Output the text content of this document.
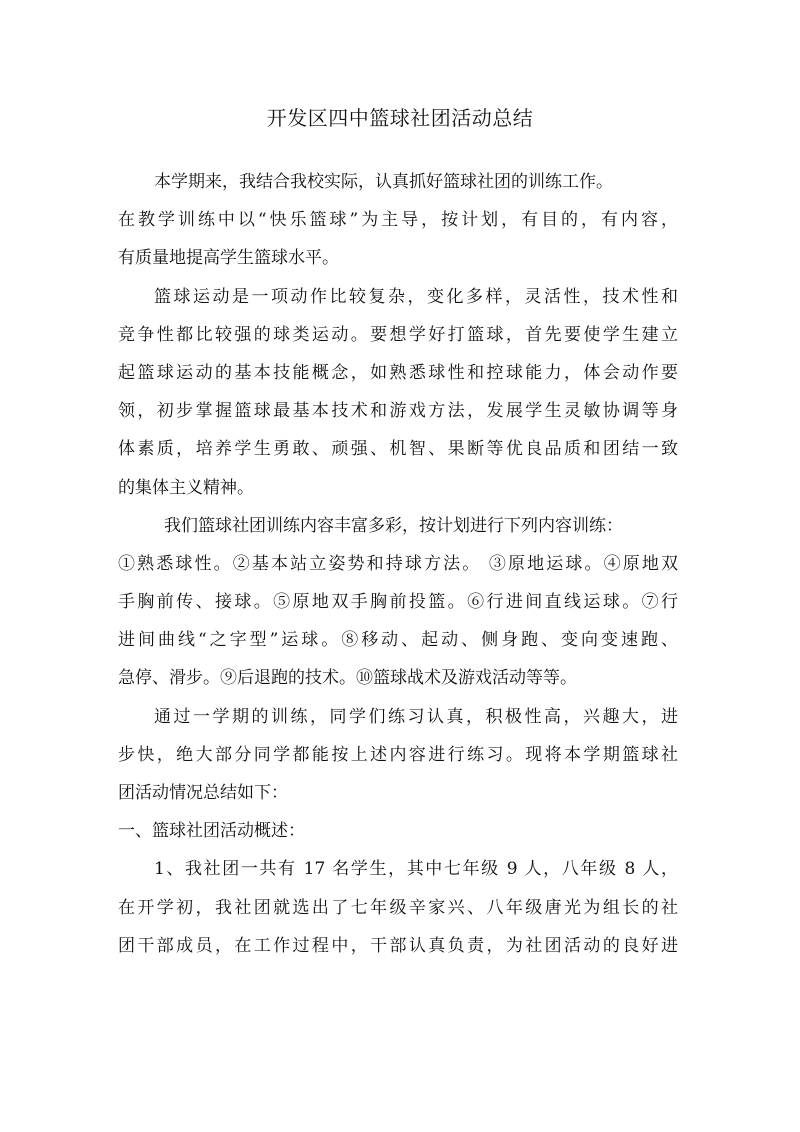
开发区四中篮球社团活动总结
本学期来，我结合我校实际，认真抓好篮球社团的训练工作。
在教学训练中以“快乐篮球”为主导，按计划，有目的，有内容，
有质量地提高学生篮球水平。
篮球运动是一项动作比较复杂，变化多样，灵活性，技术性和
竞争性都比较强的球类运动。要想学好打篮球，首先要使学生建立
起篮球运动的基本技能概念，如熟悉球性和控球能力，体会动作要
领，初步掌握篮球最基本技术和游戏方法，发展学生灵敏协调等身
体素质，培养学生勇敢、顽强、机智、果断等优良品质和团结一致
的集体主义精神。
我们篮球社团训练内容丰富多彩，按计划进行下列内容训练：
①熟悉球性。②基本站立姿势和持球方法。 ③原地运球。④原地双
手胸前传、接球。⑤原地双手胸前投篮。⑥行进间直线运球。⑦行
进间曲线“之字型”运球。⑧移动、起动、侧身跑、变向变速跑、
急停、滑步。⑨后退跑的技术。⑩篮球战术及游戏活动等等。
通过一学期的训练，同学们练习认真，积极性高，兴趣大，进
步快，绝大部分同学都能按上述内容进行练习。现将本学期篮球社
团活动情况总结如下：
一、篮球社团活动概述：
1、我社团一共有 17 名学生，其中七年级 9 人，八年级 8 人，
在开学初，我社团就选出了七年级辛家兴、八年级唐光为组长的社
团干部成员，在工作过程中，干部认真负责，为社团活动的良好进
